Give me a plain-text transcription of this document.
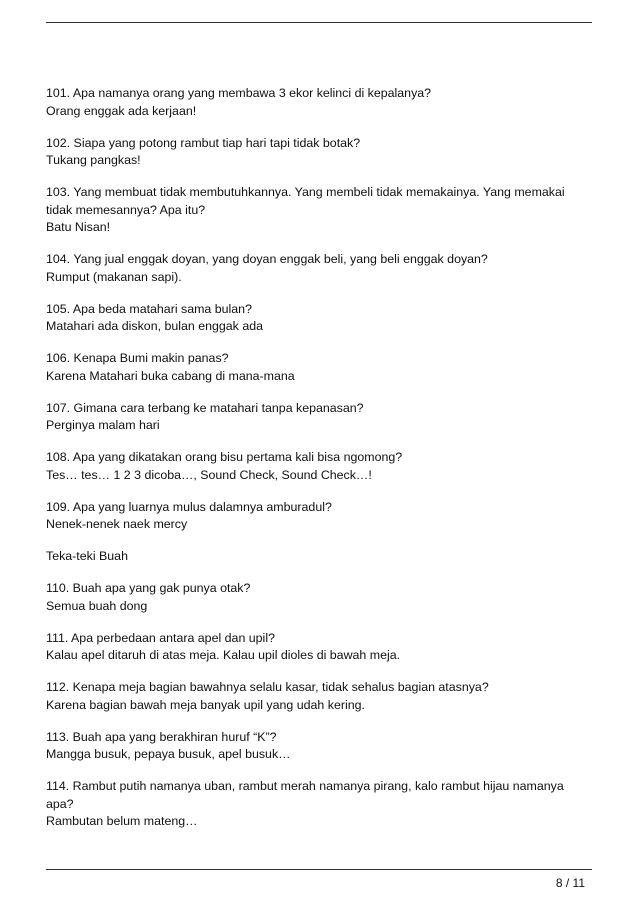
101. Apa namanya orang yang membawa 3 ekor kelinci di kepalanya?
Orang enggak ada kerjaan!
102. Siapa yang potong rambut tiap hari tapi tidak botak?
Tukang pangkas!
103. Yang membuat tidak membutuhkannya. Yang membeli tidak memakainya. Yang memakai
tidak memesannya? Apa itu?
Batu Nisan!
104. Yang jual enggak doyan, yang doyan enggak beli, yang beli enggak doyan?
Rumput (makanan sapi).
105. Apa beda matahari sama bulan?
Matahari ada diskon, bulan enggak ada
106. Kenapa Bumi makin panas?
Karena Matahari buka cabang di mana-mana
107. Gimana cara terbang ke matahari tanpa kepanasan?
Perginya malam hari
108. Apa yang dikatakan orang bisu pertama kali bisa ngomong?
Tes… tes… 1 2 3 dicoba…, Sound Check, Sound Check…!
109. Apa yang luarnya mulus dalamnya amburadul?
Nenek-nenek naek mercy
Teka-teki Buah
110. Buah apa yang gak punya otak?
Semua buah dong
111. Apa perbedaan antara apel dan upil?
Kalau apel ditaruh di atas meja. Kalau upil dioles di bawah meja.
112. Kenapa meja bagian bawahnya selalu kasar, tidak sehalus bagian atasnya?
Karena bagian bawah meja banyak upil yang udah kering.
113. Buah apa yang berakhiran huruf “K”?
Mangga busuk, pepaya busuk, apel busuk…
114. Rambut putih namanya uban, rambut merah namanya pirang, kalo rambut hijau namanya
apa?
Rambutan belum mateng…
8 / 11
